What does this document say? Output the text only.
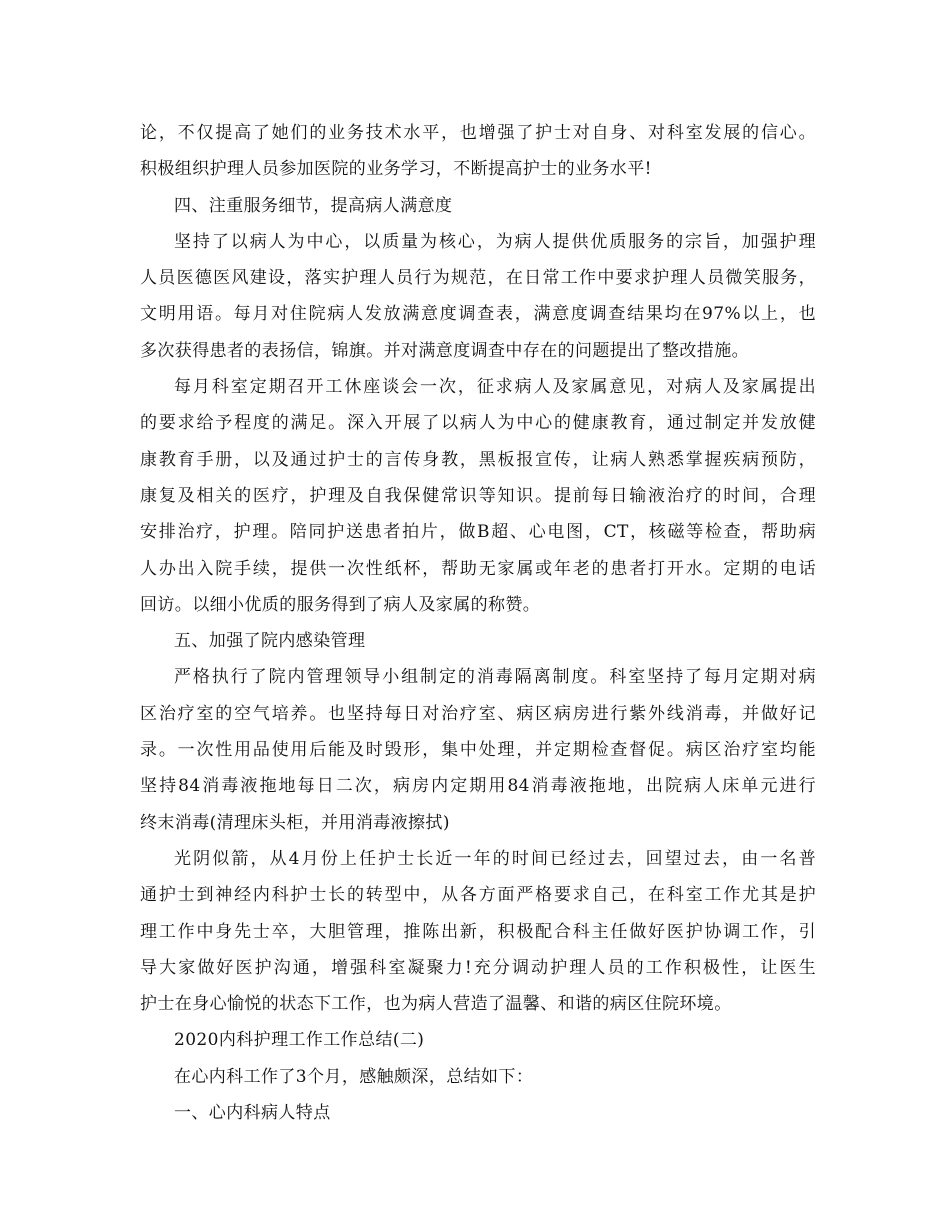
论，不仅提高了她们的业务技术水平，也增强了护士对自身、对科室发展的信心。
积极组织护理人员参加医院的业务学习，不断提高护士的业务水平!
四、注重服务细节，提高病人满意度
坚持了以病人为中心，以质量为核心，为病人提供优质服务的宗旨，加强护理
人员医德医风建设，落实护理人员行为规范，在日常工作中要求护理人员微笑服务，
文明用语。每月对住院病人发放满意度调查表，满意度调查结果均在97%以上，也
多次获得患者的表扬信，锦旗。并对满意度调查中存在的问题提出了整改措施。
每月科室定期召开工休座谈会一次，征求病人及家属意见，对病人及家属提出
的要求给予程度的满足。深入开展了以病人为中心的健康教育，通过制定并发放健
康教育手册，以及通过护士的言传身教，黑板报宣传，让病人熟悉掌握疾病预防，
康复及相关的医疗，护理及自我保健常识等知识。提前每日输液治疗的时间，合理
安排治疗，护理。陪同护送患者拍片，做B超、心电图，CT，核磁等检查，帮助病
人办出入院手续，提供一次性纸杯，帮助无家属或年老的患者打开水。定期的电话
回访。以细小优质的服务得到了病人及家属的称赞。
五、加强了院内感染管理
严格执行了院内管理领导小组制定的消毒隔离制度。科室坚持了每月定期对病
区治疗室的空气培养。也坚持每日对治疗室、病区病房进行紫外线消毒，并做好记
录。一次性用品使用后能及时毁形，集中处理，并定期检查督促。病区治疗室均能
坚持84消毒液拖地每日二次，病房内定期用84消毒液拖地，出院病人床单元进行
终末消毒(清理床头柜，并用消毒液擦拭)
光阴似箭，从4月份上任护士长近一年的时间已经过去，回望过去，由一名普
通护士到神经内科护士长的转型中，从各方面严格要求自己，在科室工作尤其是护
理工作中身先士卒，大胆管理，推陈出新，积极配合科主任做好医护协调工作，引
导大家做好医护沟通，增强科室凝聚力!充分调动护理人员的工作积极性，让医生
护士在身心愉悦的状态下工作，也为病人营造了温馨、和谐的病区住院环境。
2020内科护理工作工作总结(二)
在心内科工作了3个月，感触颇深，总结如下：
一、心内科病人特点
